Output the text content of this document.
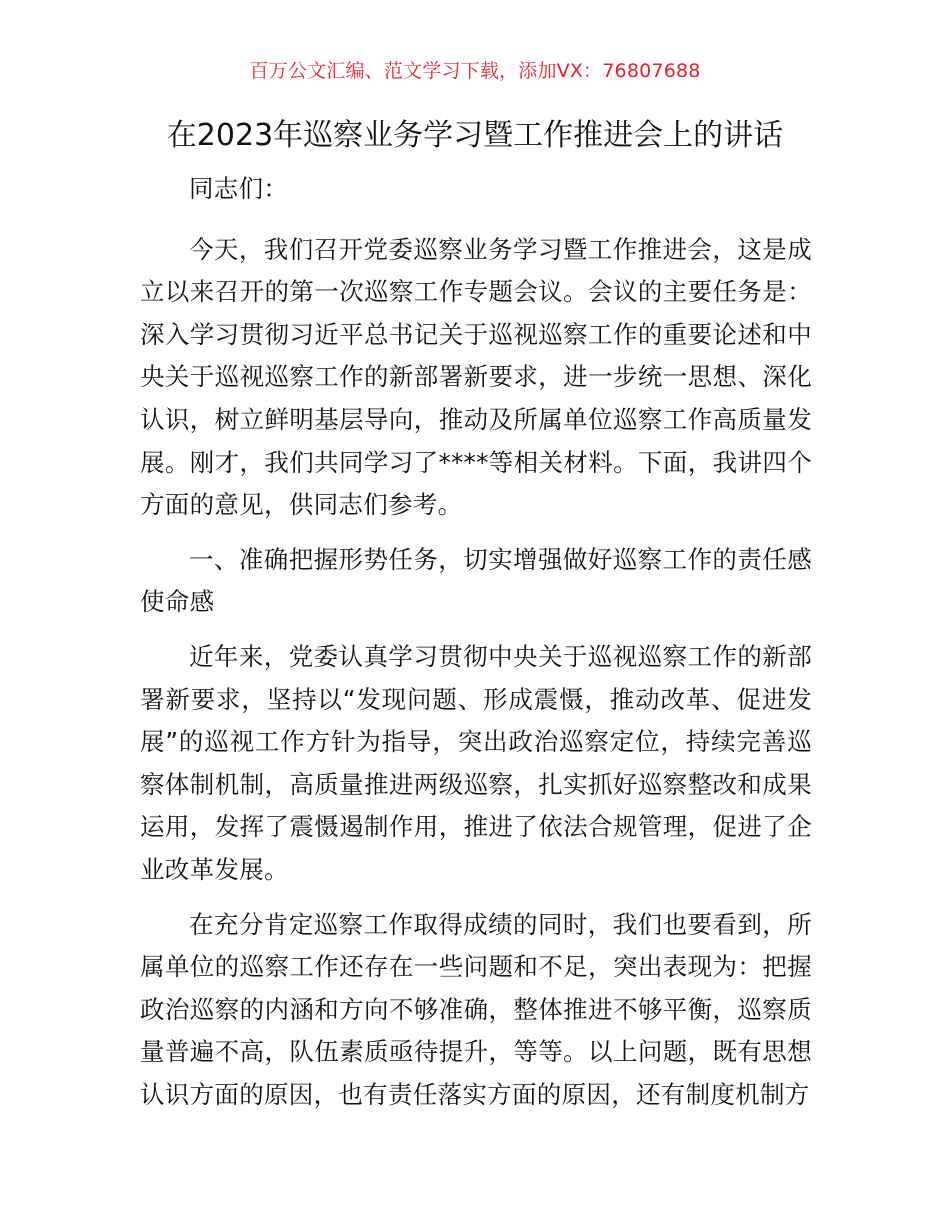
百万公文汇编、范文学习下载，添加VX：76807688
在2023年巡察业务学习暨工作推进会上的讲话

同志们：

今天，我们召开党委巡察业务学习暨工作推进会，这是成立以来召开的第一次巡察工作专题会议。会议的主要任务是：深入学习贯彻习近平总书记关于巡视巡察工作的重要论述和中央关于巡视巡察工作的新部署新要求，进一步统一思想、深化认识，树立鲜明基层导向，推动及所属单位巡察工作高质量发展。刚才，我们共同学习了****等相关材料。下面，我讲四个方面的意见，供同志们参考。

一、准确把握形势任务，切实增强做好巡察工作的责任感使命感

近年来，党委认真学习贯彻中央关于巡视巡察工作的新部署新要求，坚持以“发现问题、形成震慑，推动改革、促进发展”的巡视工作方针为指导，突出政治巡察定位，持续完善巡察体制机制，高质量推进两级巡察，扎实抓好巡察整改和成果运用，发挥了震慑遏制作用，推进了依法合规管理，促进了企业改革发展。

在充分肯定巡察工作取得成绩的同时，我们也要看到，所属单位的巡察工作还存在一些问题和不足，突出表现为：把握政治巡察的内涵和方向不够准确，整体推进不够平衡，巡察质量普遍不高，队伍素质亟待提升，等等。以上问题，既有思想认识方面的原因，也有责任落实方面的原因，还有制度机制方
